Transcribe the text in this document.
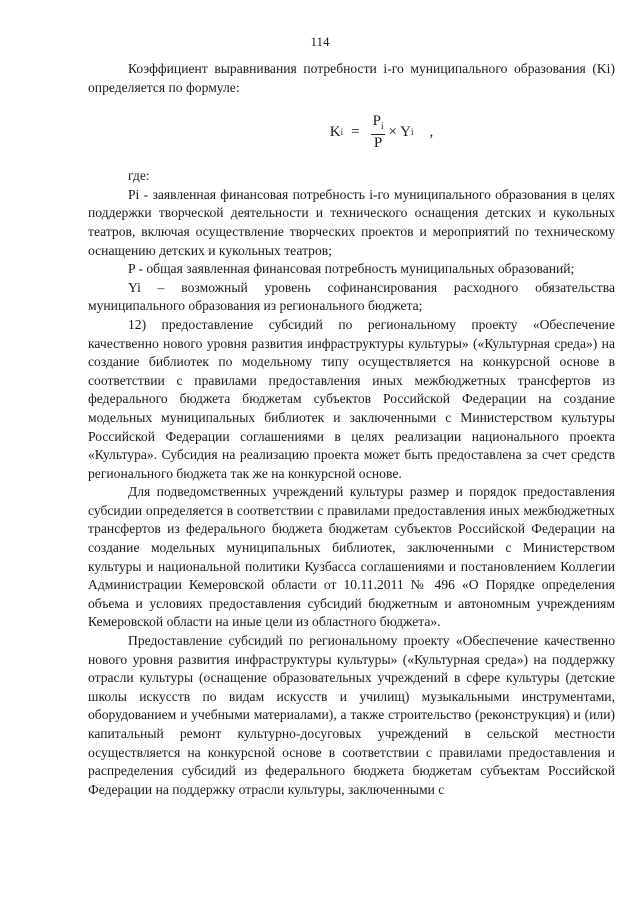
114

Коэффициент выравнивания потребности i-го муниципального образования (Ki) определяется по формуле:

K $i = \frac{P_i}{P} \times Y$ i ,

где:

Pi - заявленная финансовая потребность i-го муниципального образования в целях поддержки творческой деятельности и технического оснащения детских и кукольных театров, включая осуществление творческих проектов и мероприятий по техническому оснащению детских и кукольных театров;

P - общая заявленная финансовая потребность муниципальных образований;

Yi – возможный уровень софинансирования расходного обязательства муниципального образования из регионального бюджета;

12) предоставление субсидий по региональному проекту «Обеспечение качественно нового уровня развития инфраструктуры культуры» («Культурная среда») на создание библиотек по модельному типу осуществляется на конкурсной основе в соответствии с правилами предоставления иных межбюджетных трансфертов из федерального бюджета бюджетам субъектов Российской Федерации на создание модельных муниципальных библиотек и заключенными с Министерством культуры Российской Федерации соглашениями в целях реализации национального проекта «Культура». Субсидия на реализацию проекта может быть предоставлена за счет средств регионального бюджета так же на конкурсной основе.

Для подведомственных учреждений культуры размер и порядок предоставления субсидии определяется в соответствии с правилами предоставления иных межбюджетных трансфертов из федерального бюджета бюджетам субъектов Российской Федерации на создание модельных муниципальных библиотек, заключенными с Министерством культуры и национальной политики Кузбасса соглашениями и постановлением Коллегии Администрации Кемеровской области от 10.11.2011 № 496 «О Порядке определения объема и условиях предоставления субсидий бюджетным и автономным учреждениям Кемеровской области на иные цели из областного бюджета».

Предоставление субсидий по региональному проекту «Обеспечение качественно нового уровня развития инфраструктуры культуры» («Культурная среда») на поддержку отрасли культуры (оснащение образовательных учреждений в сфере культуры (детские школы искусств по видам искусств и училищ) музыкальными инструментами, оборудованием и учебными материалами), а также строительство (реконструкция) и (или) капитальный ремонт культурно-досуговых учреждений в сельской местности осуществляется на конкурсной основе в соответствии с правилами предоставления и распределения субсидий из федерального бюджета бюджетам субъектам Российской Федерации на поддержку отрасли культуры, заключенными с
